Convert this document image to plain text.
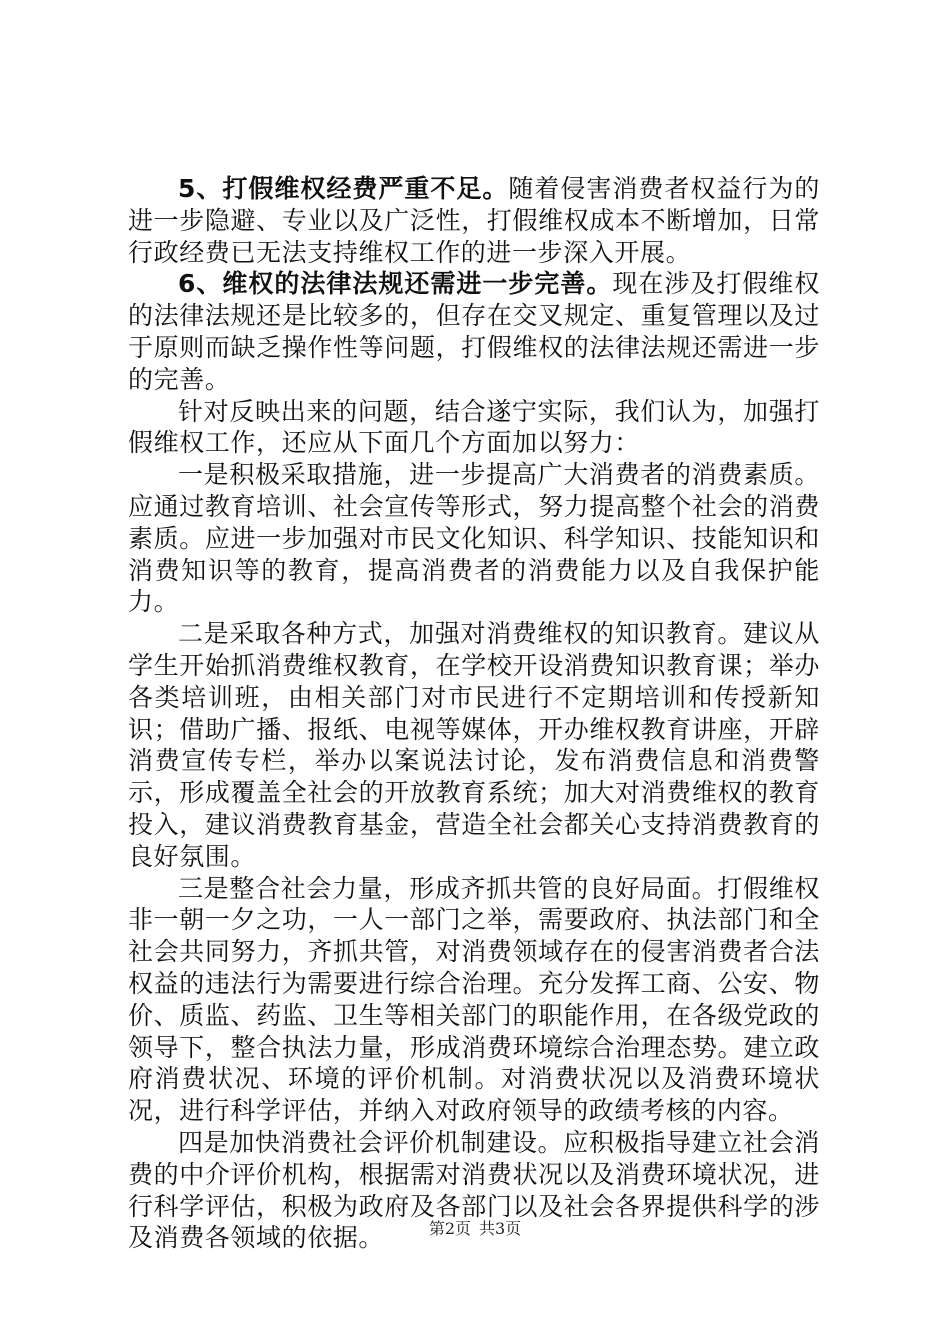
5、打假维权经费严重不足。随着侵害消费者权益行为的进一步隐避、专业以及广泛性，打假维权成本不断增加，日常行政经费已无法支持维权工作的进一步深入开展。

6、维权的法律法规还需进一步完善。现在涉及打假维权的法律法规还是比较多的，但存在交叉规定、重复管理以及过于原则而缺乏操作性等问题，打假维权的法律法规还需进一步的完善。

针对反映出来的问题，结合遂宁实际，我们认为，加强打假维权工作，还应从下面几个方面加以努力：

一是积极采取措施，进一步提高广大消费者的消费素质。应通过教育培训、社会宣传等形式，努力提高整个社会的消费素质。应进一步加强对市民文化知识、科学知识、技能知识和消费知识等的教育，提高消费者的消费能力以及自我保护能力。

二是采取各种方式，加强对消费维权的知识教育。建议从学生开始抓消费维权教育，在学校开设消费知识教育课；举办各类培训班，由相关部门对市民进行不定期培训和传授新知识；借助广播、报纸、电视等媒体，开办维权教育讲座，开辟消费宣传专栏，举办以案说法讨论，发布消费信息和消费警示，形成覆盖全社会的开放教育系统；加大对消费维权的教育投入，建议消费教育基金，营造全社会都关心支持消费教育的良好氛围。

三是整合社会力量，形成齐抓共管的良好局面。打假维权非一朝一夕之功，一人一部门之举，需要政府、执法部门和全社会共同努力，齐抓共管，对消费领域存在的侵害消费者合法权益的违法行为需要进行综合治理。充分发挥工商、公安、物价、质监、药监、卫生等相关部门的职能作用，在各级党政的领导下，整合执法力量，形成消费环境综合治理态势。建立政府消费状况、环境的评价机制。对消费状况以及消费环境状况，进行科学评估，并纳入对政府领导的政绩考核的内容。

四是加快消费社会评价机制建设。应积极指导建立社会消费的中介评价机构，根据需对消费状况以及消费环境状况，进行科学评估，积极为政府及各部门以及社会各界提供科学的涉及消费各领域的依据。	第2页 共3页
